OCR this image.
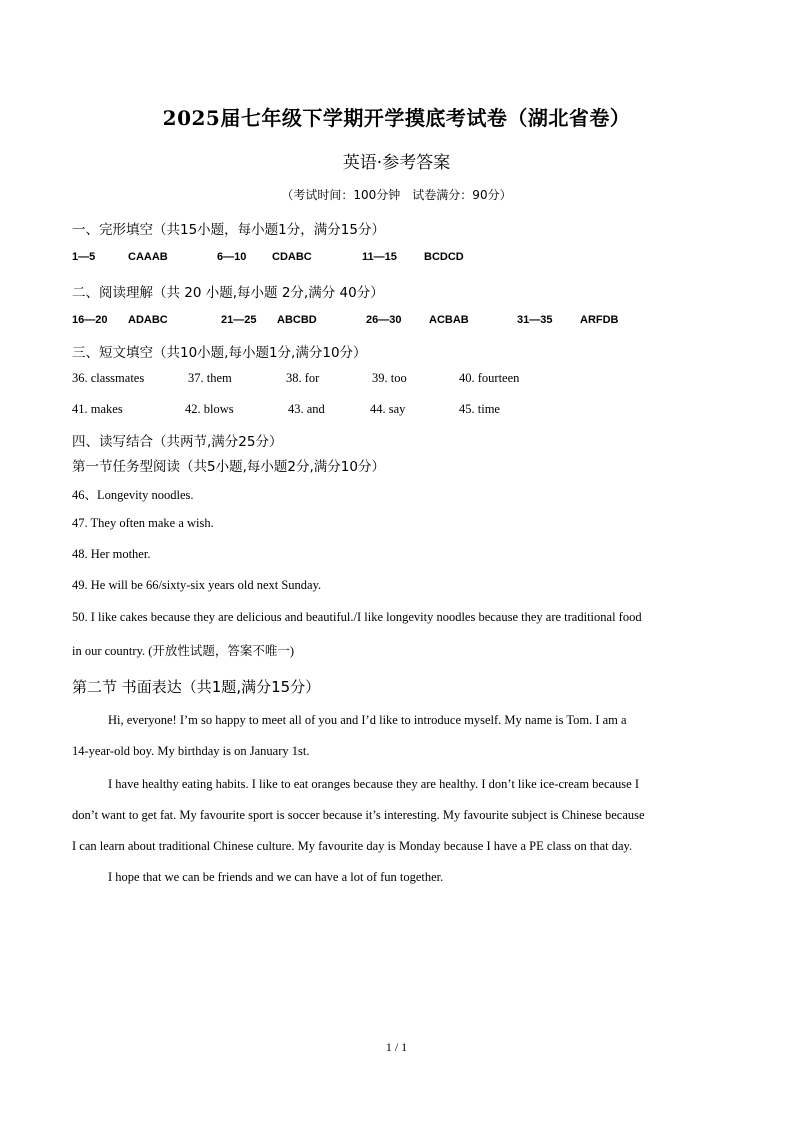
2025届七年级下学期开学摸底考试卷（湖北省卷）
英语·参考答案
（考试时间：100分钟　试卷满分：90分）
一、完形填空（共15小题，每小题1分，满分15分）
1—5	CAAAB	6—10 CDABC	11—15 BCDCD
二、阅读理解（共 20 小题,每小题 2分,满分 40分）
16—20 ADABC	21—25 ABCBD	26—30	ACBAB	31—35	ARFDB
三、短文填空（共10小题,每小题1分,满分10分）
36. classmates	37. them	38. for	39. too	40. fourteen
41. makes	42. blows	43. and	44. say	45. time
四、读写结合（共两节,满分25分）
第一节任务型阅读（共5小题,每小题2分,满分10分）
46、Longevity noodles.
47. They often make a wish.
48. Her mother.
49. He will be 66/sixty-six years old next Sunday.
50. I like cakes because they are delicious and beautiful./I like longevity noodles because they are traditional food
in our country. (开放性试题，答案不唯一)
第二节 书面表达（共1题,满分15分）
Hi, everyone! I’m so happy to meet all of you and I’d like to introduce myself. My name is Tom. I am a
14-year-old boy. My birthday is on January 1st.
I have healthy eating habits. I like to eat oranges because they are healthy. I don’t like ice-cream because I
don’t want to get fat. My favourite sport is soccer because it’s interesting. My favourite subject is Chinese because
I can learn about traditional Chinese culture. My favourite day is Monday because I have a PE class on that day.
I hope that we can be friends and we can have a lot of fun together.
1 / 1
